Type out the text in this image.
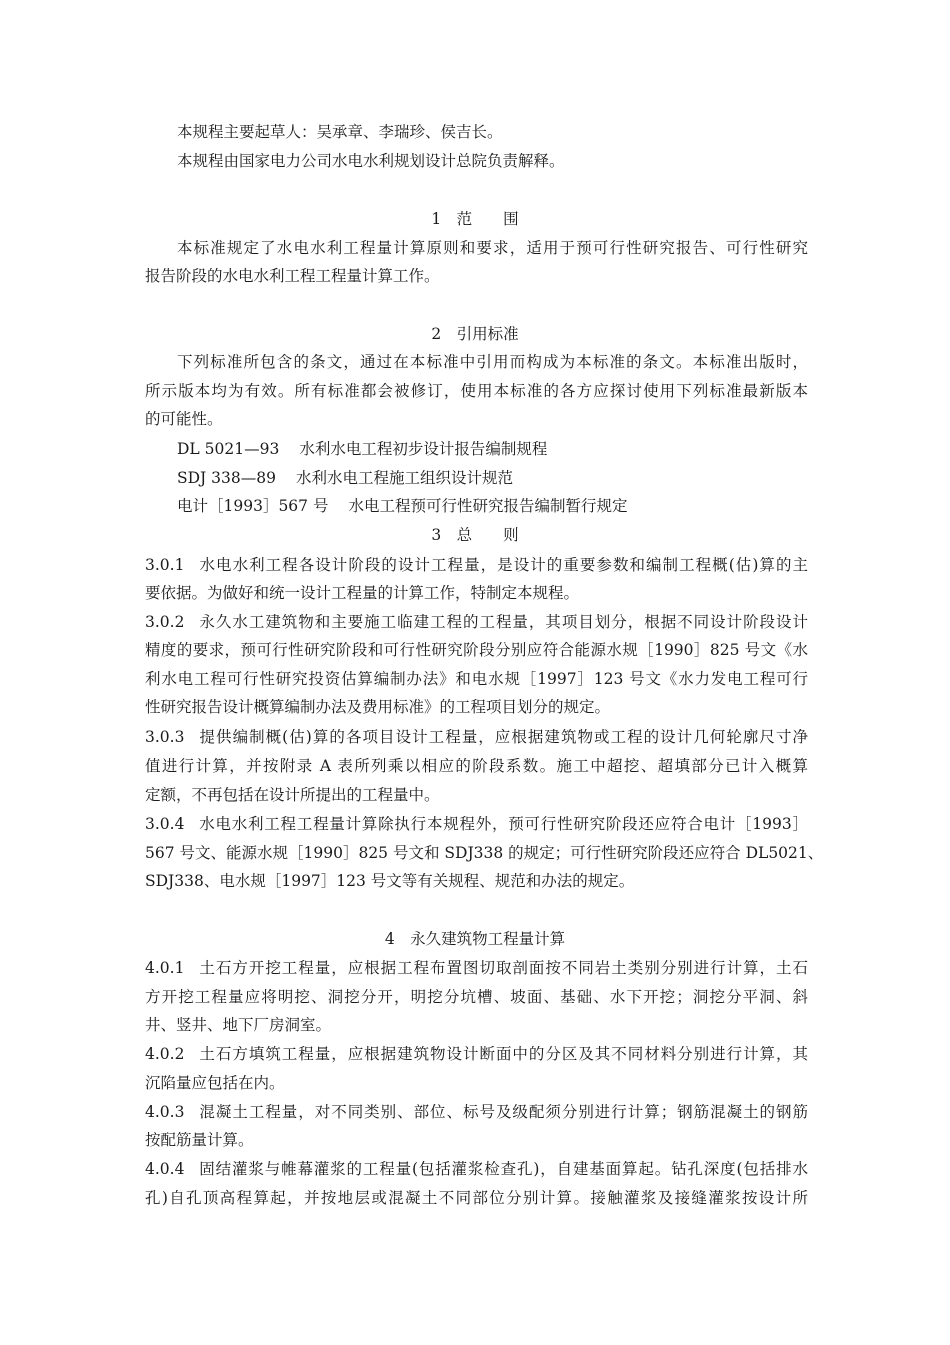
本规程主要起草人：吴承章、李瑞珍、侯吉长。
本规程由国家电力公司水电水利规划设计总院负责解释。
1　范　　围
本标准规定了水电水利工程量计算原则和要求，适用于预可行性研究报告、可行性研究
报告阶段的水电水利工程工程量计算工作。
2　引用标准
下列标准所包含的条文，通过在本标准中引用而构成为本标准的条文。本标准出版时，
所示版本均为有效。所有标准都会被修订，使用本标准的各方应探讨使用下列标准最新版本
的可能性。
DL 5021—93 水利水电工程初步设计报告编制规程
SDJ 338—89 水利水电工程施工组织设计规范
电计［1993］567 号 水电工程预可行性研究报告编制暂行规定
3　总　　则
3.0.1 水电水利工程各设计阶段的设计工程量，是设计的重要参数和编制工程概(估)算的主
要依据。为做好和统一设计工程量的计算工作，特制定本规程。
3.0.2 永久水工建筑物和主要施工临建工程的工程量，其项目划分，根据不同设计阶段设计
精度的要求，预可行性研究阶段和可行性研究阶段分别应符合能源水规［1990］825 号文《水
利水电工程可行性研究投资估算编制办法》和电水规［1997］123 号文《水力发电工程可行
性研究报告设计概算编制办法及费用标准》的工程项目划分的规定。
3.0.3 提供编制概(估)算的各项目设计工程量，应根据建筑物或工程的设计几何轮廓尺寸净
值进行计算，并按附录 A 表所列乘以相应的阶段系数。施工中超挖、超填部分已计入概算
定额，不再包括在设计所提出的工程量中。
3.0.4 水电水利工程工程量计算除执行本规程外，预可行性研究阶段还应符合电计［1993］
567 号文、能源水规［1990］825 号文和 SDJ338 的规定；可行性研究阶段还应符合 DL5021、
SDJ338、电水规［1997］123 号文等有关规程、规范和办法的规定。
4　永久建筑物工程量计算
4.0.1 土石方开挖工程量，应根据工程布置图切取剖面按不同岩土类别分别进行计算，土石
方开挖工程量应将明挖、洞挖分开，明挖分坑槽、坡面、基础、水下开挖；洞挖分平洞、斜
井、竖井、地下厂房洞室。
4.0.2 土石方填筑工程量，应根据建筑物设计断面中的分区及其不同材料分别进行计算，其
沉陷量应包括在内。
4.0.3 混凝土工程量，对不同类别、部位、标号及级配须分别进行计算；钢筋混凝土的钢筋
按配筋量计算。
4.0.4 固结灌浆与帷幕灌浆的工程量(包括灌浆检查孔)，自建基面算起。钻孔深度(包括排水
孔)自孔顶高程算起，并按地层或混凝土不同部位分别计算。接触灌浆及接缝灌浆按设计所
